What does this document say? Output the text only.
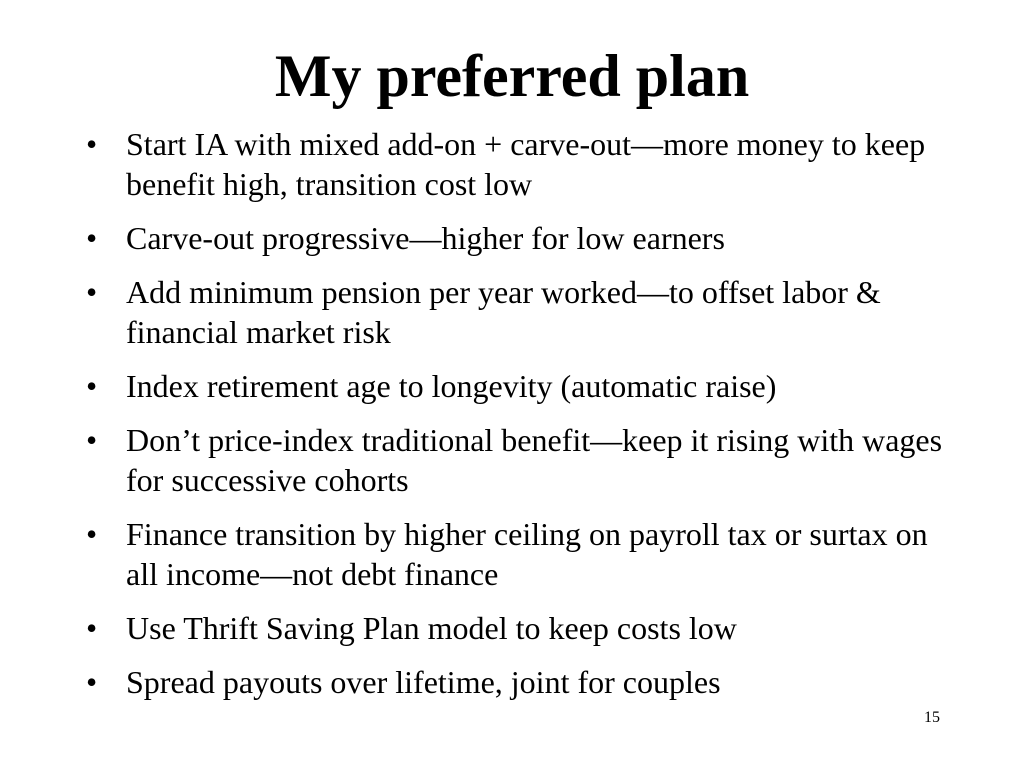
My preferred plan
• Start IA with mixed add-on + carve-out—more money to keep benefit high, transition cost low
• Carve-out progressive—higher for low earners
• Add minimum pension per year worked—to offset labor & financial market risk
• Index retirement age to longevity (automatic raise)
• Don’t price-index traditional benefit—keep it rising with wages for successive cohorts
• Finance transition by higher ceiling on payroll tax or surtax on all income—not debt finance
• Use Thrift Saving Plan model to keep costs low
• Spread payouts over lifetime, joint for couples
15
